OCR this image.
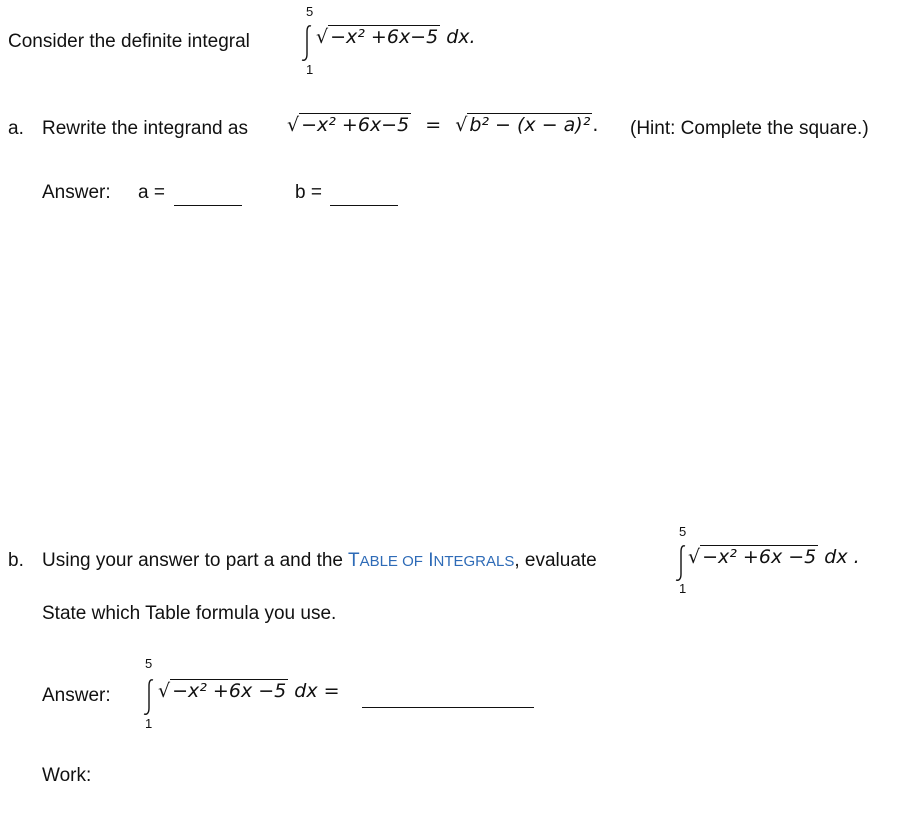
Consider the definite integral
5
1
√ −x² +6x−5 dx.
a. Rewrite the integrand as √ −x² +6x−5 = √ b² − (x − a)² . (Hint: Complete the square.)
Answer: a =	b =
b. Using your answer to part a and the TABLE OF INTEGRALS, evaluate
5
1
√ −x² +6x −5 dx .
State which Table formula you use.
Answer:
5
1
√ −x² +6x −5 dx =
Work:
